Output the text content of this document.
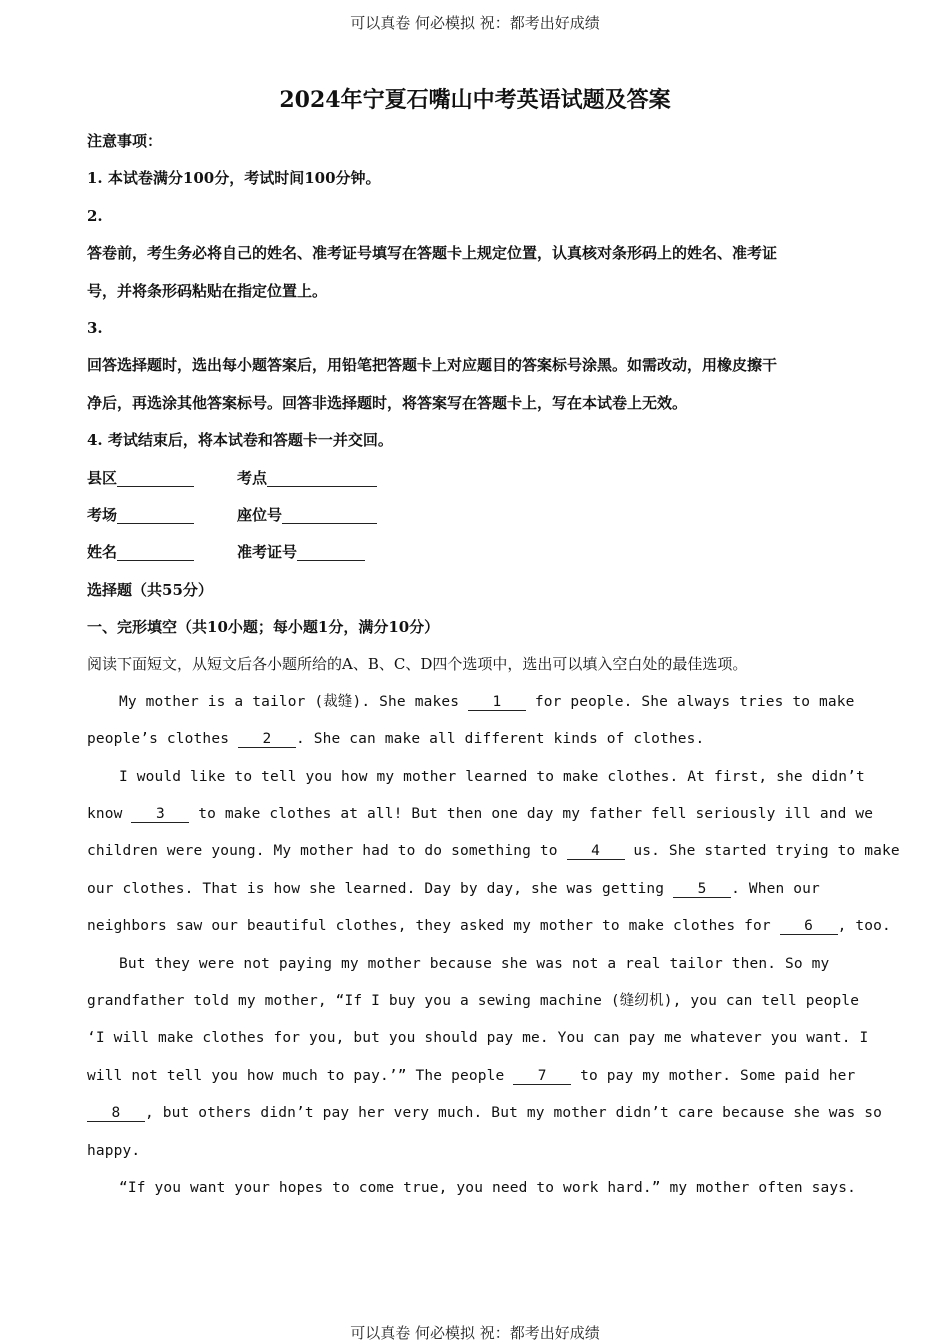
可以真卷 何必模拟 祝：都考出好成绩
2024年宁夏石嘴山中考英语试题及答案
注意事项：
1. 本试卷满分100分，考试时间100分钟。
2.
答卷前，考生务必将自己的姓名、准考证号填写在答题卡上规定位置，认真核对条形码上的姓名、准考证
号，并将条形码粘贴在指定位置上。
3.
回答选择题时，选出每小题答案后，用铅笔把答题卡上对应题目的答案标号涂黑。如需改动，用橡皮擦干
净后，再选涂其他答案标号。回答非选择题时，将答案写在答题卡上，写在本试卷上无效。
4. 考试结束后，将本试卷和答题卡一并交回。
县区	考点
考场	座位号
姓名	准考证号
选择题（共55分）
一、完形填空（共10小题；每小题1分，满分10分）
阅读下面短文，从短文后各小题所给的A、B、C、D四个选项中，选出可以填入空白处的最佳选项。
My mother is a tailor (裁缝). She makes 1 for people. She always tries to make
people’s clothes 2 . She can make all different kinds of clothes.
I would like to tell you how my mother learned to make clothes. At first, she didn’t
know 3 to make clothes at all! But then one day my father fell seriously ill and we
children were young. My mother had to do something to 4 us. She started trying to make
our clothes. That is how she learned. Day by day, she was getting 5 . When our
neighbors saw our beautiful clothes, they asked my mother to make clothes for 6 , too.
But they were not paying my mother because she was not a real tailor then. So my
grandfather told my mother, “If I buy you a sewing machine (缝纫机), you can tell people
‘I will make clothes for you, but you should pay me. You can pay me whatever you want. I
will not tell you how much to pay.’” The people 7 to pay my mother. Some paid her
8 , but others didn’t pay her very much. But my mother didn’t care because she was so
happy.
“If you want your hopes to come true, you need to work hard.” my mother often says.
可以真卷 何必模拟 祝：都考出好成绩
